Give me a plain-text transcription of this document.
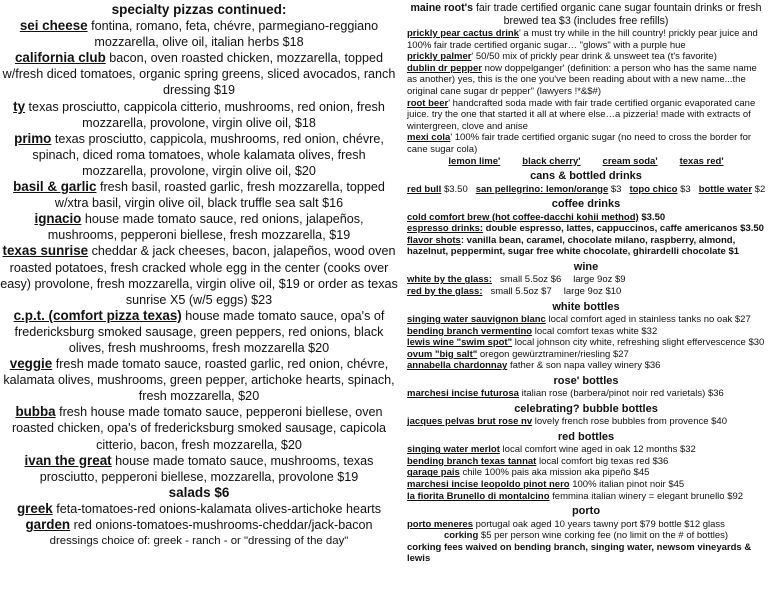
specialty pizzas continued:
sei cheese fontina, romano, feta, chévre, parmegiano-reggiano mozzarella, olive oil, italian herbs $18
california club bacon, oven roasted chicken, mozzarella, topped w/fresh diced tomatoes, organic spring greens, sliced avocados, ranch dressing $19
ty texas prosciutto, cappicola citterio, mushrooms, red onion, fresh mozzarella, provolone, virgin olive oil, $18
primo texas prosciutto, cappicola, mushrooms, red onion, chévre, spinach, diced roma tomatoes, whole kalamata olives, fresh mozzarella, provolone, virgin olive oil, $20
basil & garlic fresh basil, roasted garlic, fresh mozzarella, topped w/xtra basil, virgin olive oil, black truffle sea salt $16
ignacio house made tomato sauce, red onions, jalapeños, mushrooms, pepperoni biellese, fresh mozzarella, $19
texas sunrise cheddar & jack cheeses, bacon, jalapeños, wood oven roasted potatoes, fresh cracked whole egg in the center (cooks over easy) provolone, fresh mozzarella, virgin olive oil, $19 or order as texas sunrise X5 (w/5 eggs) $23
c.p.t. (comfort pizza texas) house made tomato sauce, opa's of fredericksburg smoked sausage, green peppers, red onions, black olives, fresh mushrooms, fresh mozzarella $20
veggie fresh made tomato sauce, roasted garlic, red onion, chévre, kalamata olives, mushrooms, green pepper, artichoke hearts, spinach, fresh mozzarella, $20
bubba fresh house made tomato sauce, pepperoni biellese, oven roasted chicken, opa's of fredericksburg smoked sausage, capicola citterio, bacon, fresh mozzarella, $20
ivan the great house made tomato sauce, mushrooms, texas prosciutto, pepperoni biellese, mozzarella, provolone $19
salads $6
greek feta-tomatoes-red onions-kalamata olives-artichoke hearts
garden red onions-tomatoes-mushrooms-cheddar/jack-bacon
dressings choice of: greek - ranch - or "dressing of the day"
maine root's fair trade certified organic cane sugar fountain drinks or fresh brewed tea $3 (includes free refills)
prickly pear cactus drink' a must try while in the hill country! prickly pear juice and 100% fair trade certified organic sugar… "glows" with a purple hue
prickly palmer' 50/50 mix of prickly pear drink & unsweet tea (t's favorite)
dublin dr pepper now doppelganger' (definition: a person who has the same name as another) yes, this is the one you've been reading about with a new name...the original cane sugar dr pepper" (lawyers !*&$#)
root beer' handcrafted soda made with fair trade certified organic evaporated cane juice. try the one that started it all at where else…a pizzeria! made with extracts of wintergreen, clove and anise
mexi cola' 100% fair trade certified organic sugar (no need to cross the border for cane sugar cola)
lemon lime' black cherry' cream soda' texas red'
cans & bottled drinks
red bull $3.50 san pellegrino: lemon/orange $3 topo chico $3 bottle water $2
coffee drinks
cold comfort brew (hot coffee-dacchi kohii method) $3.50
espresso drinks: double espresso, lattes, cappuccinos, caffe americanos $3.50
flavor shots: vanilla bean, caramel, chocolate milano, raspberry, almond, hazelnut, peppermint, sugar free white chocolate, ghirardelli chocolate $1
wine
white by the glass: small 5.5oz $6 large 9oz $9
red by the glass: small 5.5oz $7 large 9oz $10
white bottles
singing water sauvignon blanc local comfort aged in stainless tanks no oak $27
bending branch vermentino local comfort texas white $32
lewis wine "swim spot" local johnson city white, refreshing slight effervescence $30
ovum "big salt" oregon gewürztraminer/riesling $27
annabella chardonnay father & son napa valley winery $36
rose' bottles
marchesi incise futurosa italian rose (barbera/pinot noir red varietals) $36
celebrating? bubble bottles
jacques pelvas brut rose nv lovely french rose bubbles from provence $40
red bottles
singing water merlot local comfort wine aged in oak 12 months $32
bending branch texas tannat local comfort big texas red $36
garage pais chile 100% pais aka mission aka pipeño $45
marchesi incise leopoldo pinot nero 100% italian pinot noir $45
la fiorita Brunello di montalcino femmina italian winery = elegant brunello $92
porto
porto meneres portugal oak aged 10 years tawny port $79 bottle $12 glass
corking $5 per person wine corking fee (no limit on the # of bottles)
corking fees waived on bending branch, singing water, newsom vineyards & lewis
